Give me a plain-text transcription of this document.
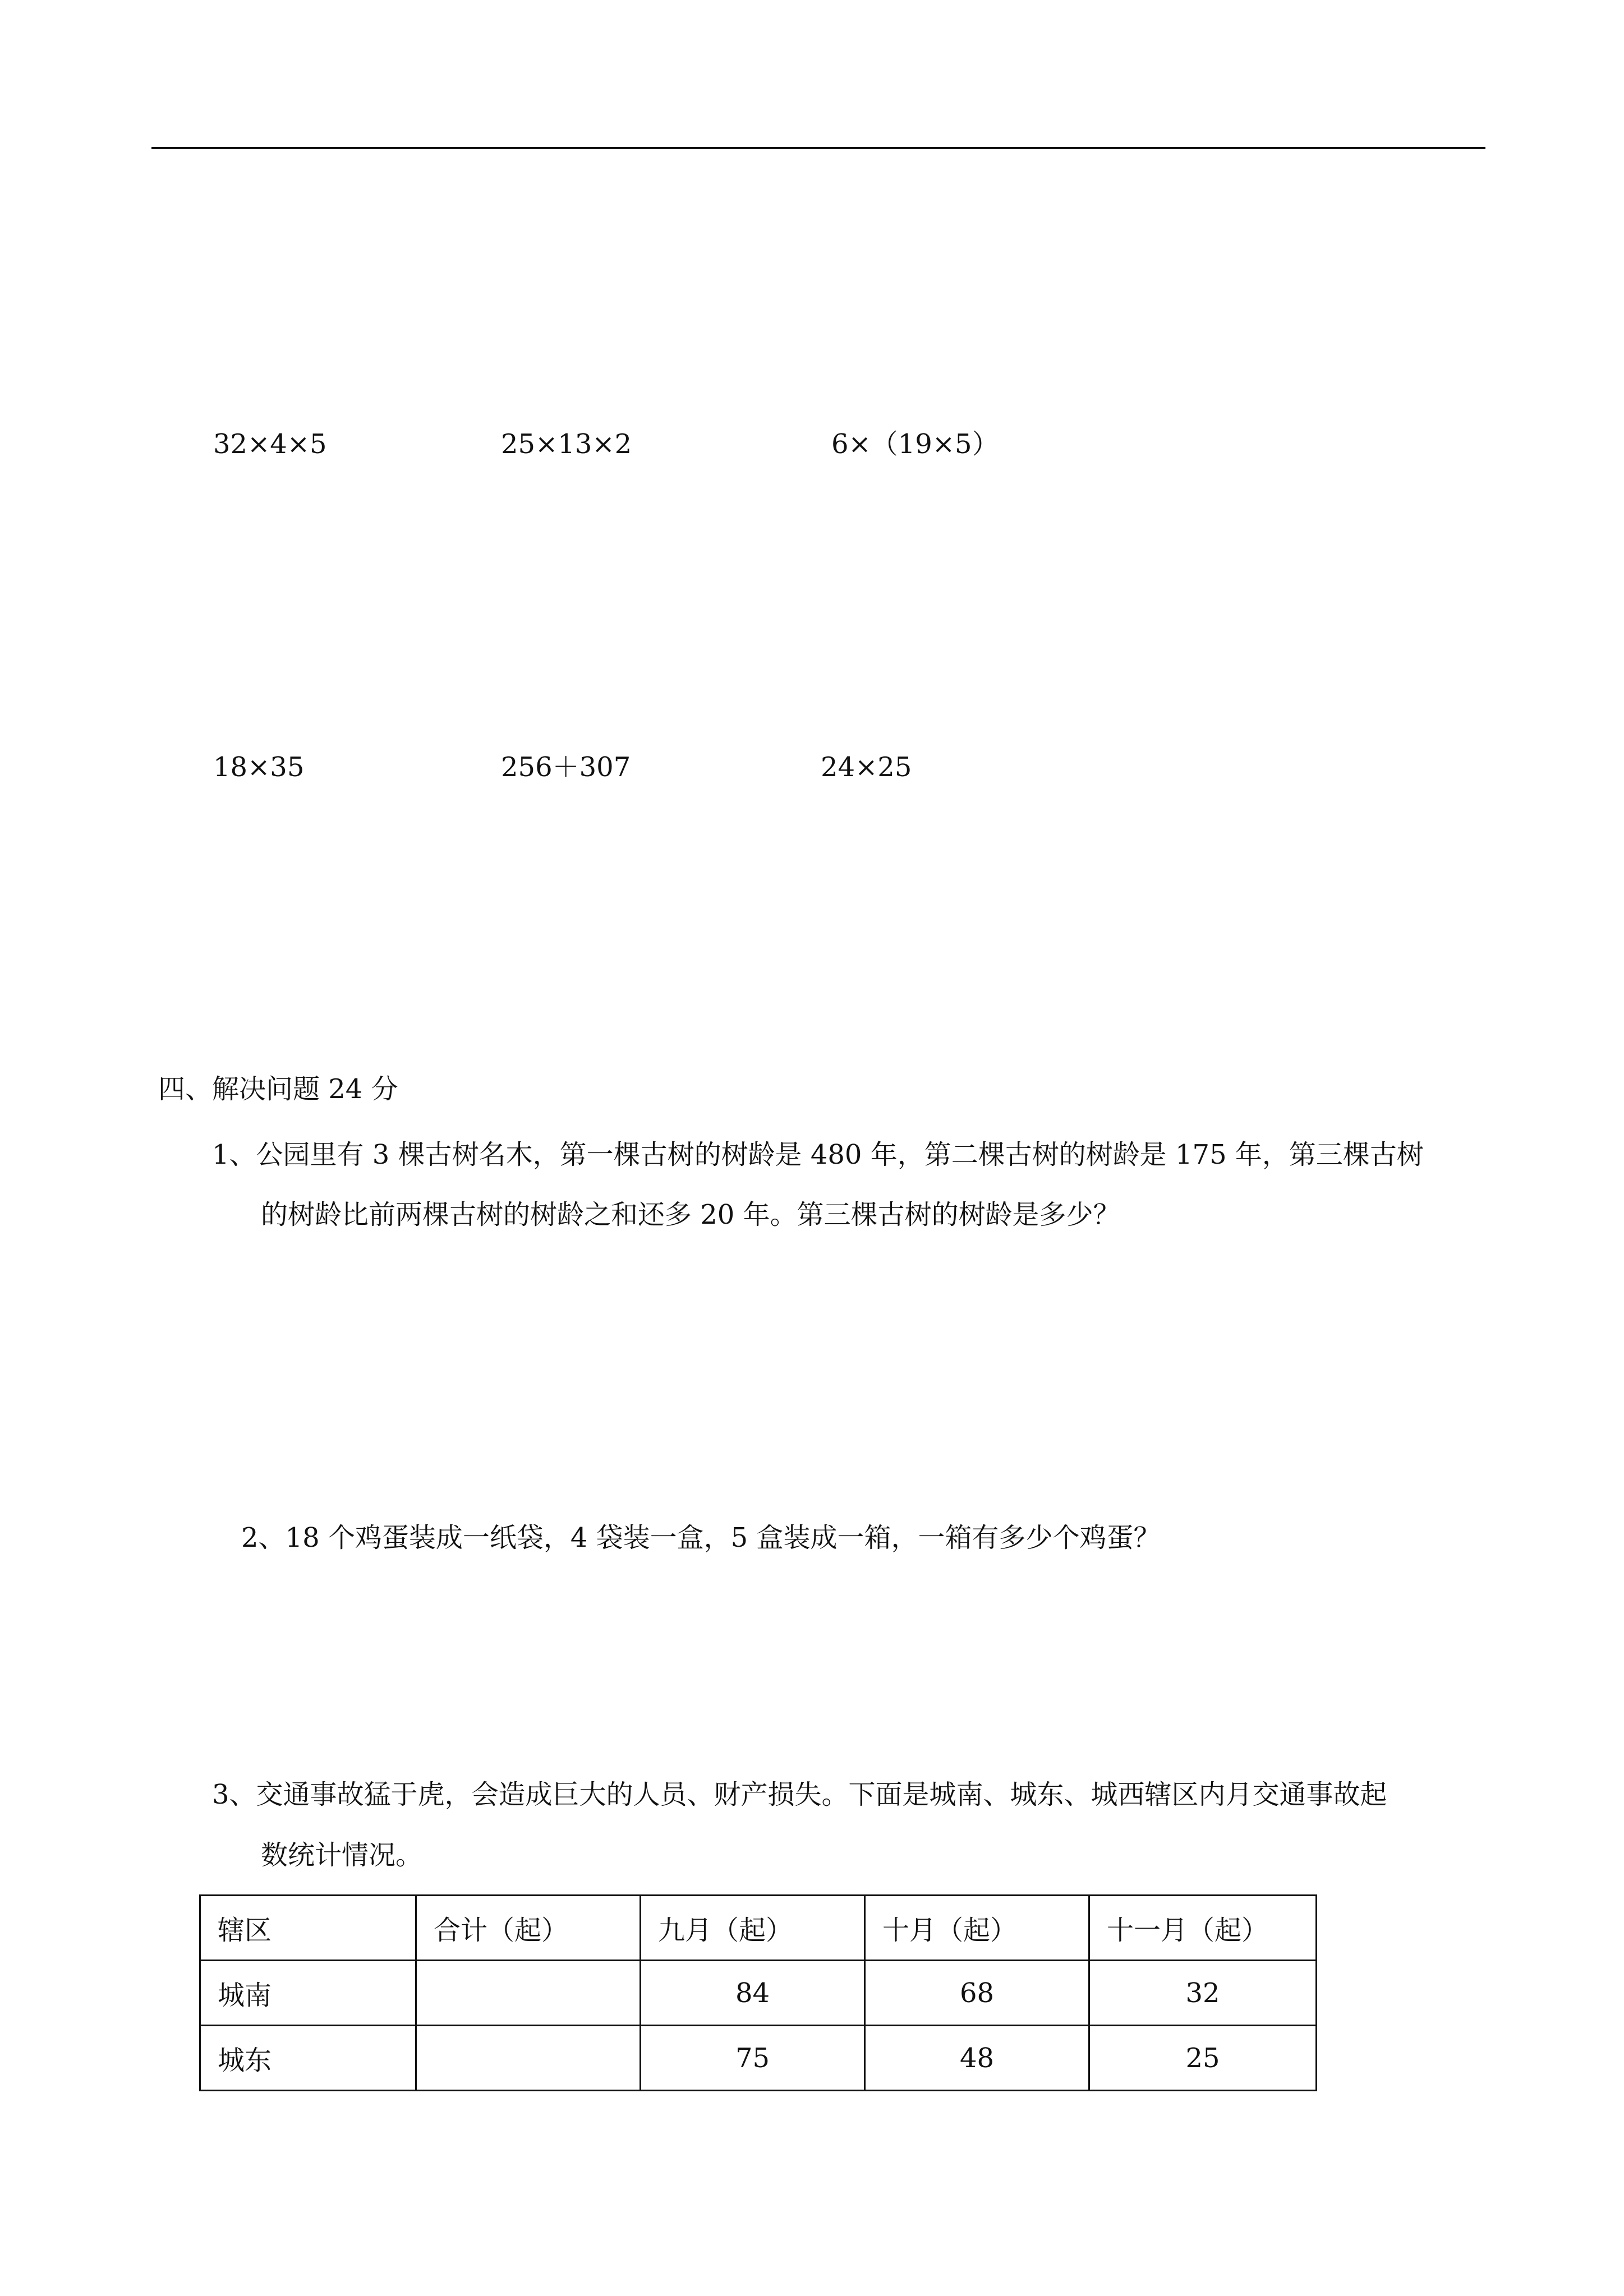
32×4×5	25×13×2	6×（19×5）
18×35	256＋307	24×25
四、解决问题 24 分
1、公园里有 3 棵古树名木，第一棵古树的树龄是 480 年，第二棵古树的树龄是 175 年，第三棵古树
的树龄比前两棵古树的树龄之和还多 20 年。第三棵古树的树龄是多少？
2、18 个鸡蛋装成一纸袋，4 袋装一盒，5 盒装成一箱，一箱有多少个鸡蛋？
3、交通事故猛于虎，会造成巨大的人员、财产损失。下面是城南、城东、城西辖区内月交通事故起
数统计情况。
辖区	合计（起）	九月（起）	十月（起）	十一月（起）
城南		84	68	32
城东		75	48	25
